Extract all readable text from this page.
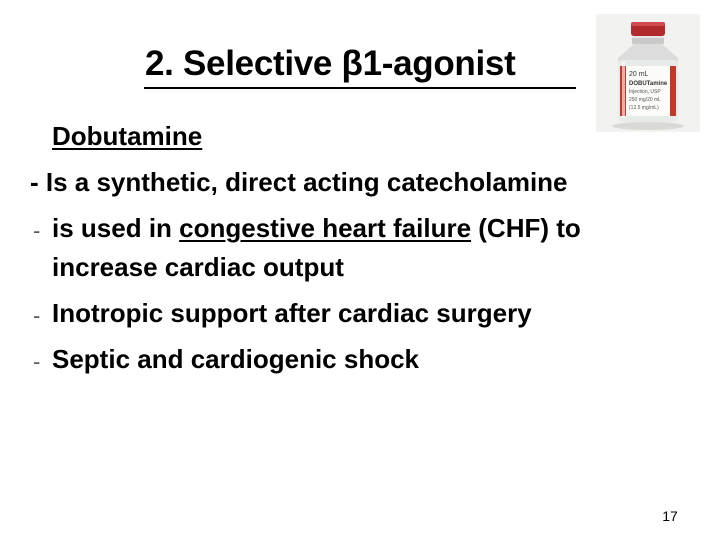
2. Selective β1-agonist	20 mL
DOBUTamine
Injection, USP
250 mg/20 mL
(12.5 mg/mL)
Dobutamine
- Is a synthetic, direct acting catecholamine
- is used in congestive heart failure (CHF) to
increase cardiac output
- Inotropic support after cardiac surgery
- Septic and cardiogenic shock
17
